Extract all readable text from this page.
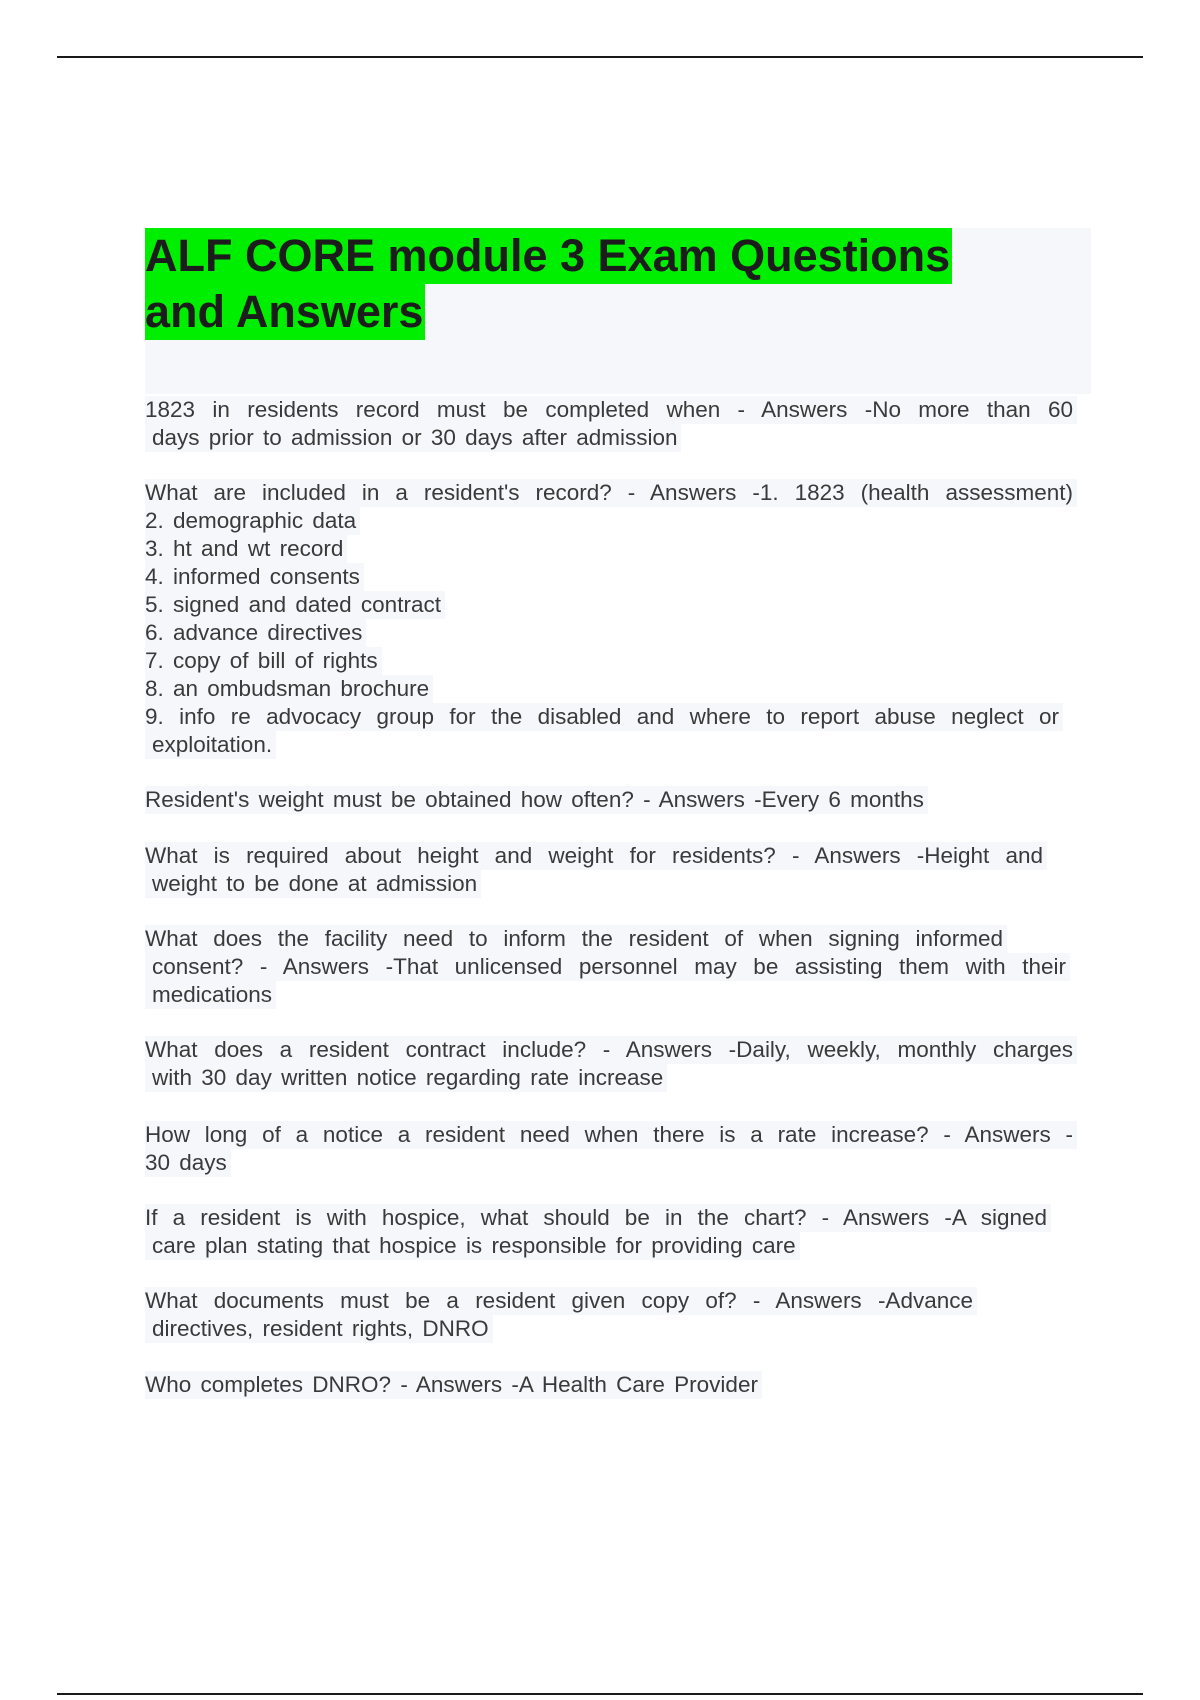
ALF CORE module 3 Exam Questions
and Answers
1823 in residents record must be completed when - Answers -No more than 60
days prior to admission or 30 days after admission
What are included in a resident's record? - Answers -1. 1823 (health assessment)
2. demographic data
3. ht and wt record
4. informed consents
5. signed and dated contract
6. advance directives
7. copy of bill of rights
8. an ombudsman brochure
9. info re advocacy group for the disabled and where to report abuse neglect or
exploitation.
Resident's weight must be obtained how often? - Answers -Every 6 months
What is required about height and weight for residents? - Answers -Height and
weight to be done at admission
What does the facility need to inform the resident of when signing informed
consent? - Answers -That unlicensed personnel may be assisting them with their
medications
What does a resident contract include? - Answers -Daily, weekly, monthly charges
with 30 day written notice regarding rate increase
How long of a notice a resident need when there is a rate increase? - Answers -
30 days
If a resident is with hospice, what should be in the chart? - Answers -A signed
care plan stating that hospice is responsible for providing care
What documents must be a resident given copy of? - Answers -Advance
directives, resident rights, DNRO
Who completes DNRO? - Answers -A Health Care Provider
